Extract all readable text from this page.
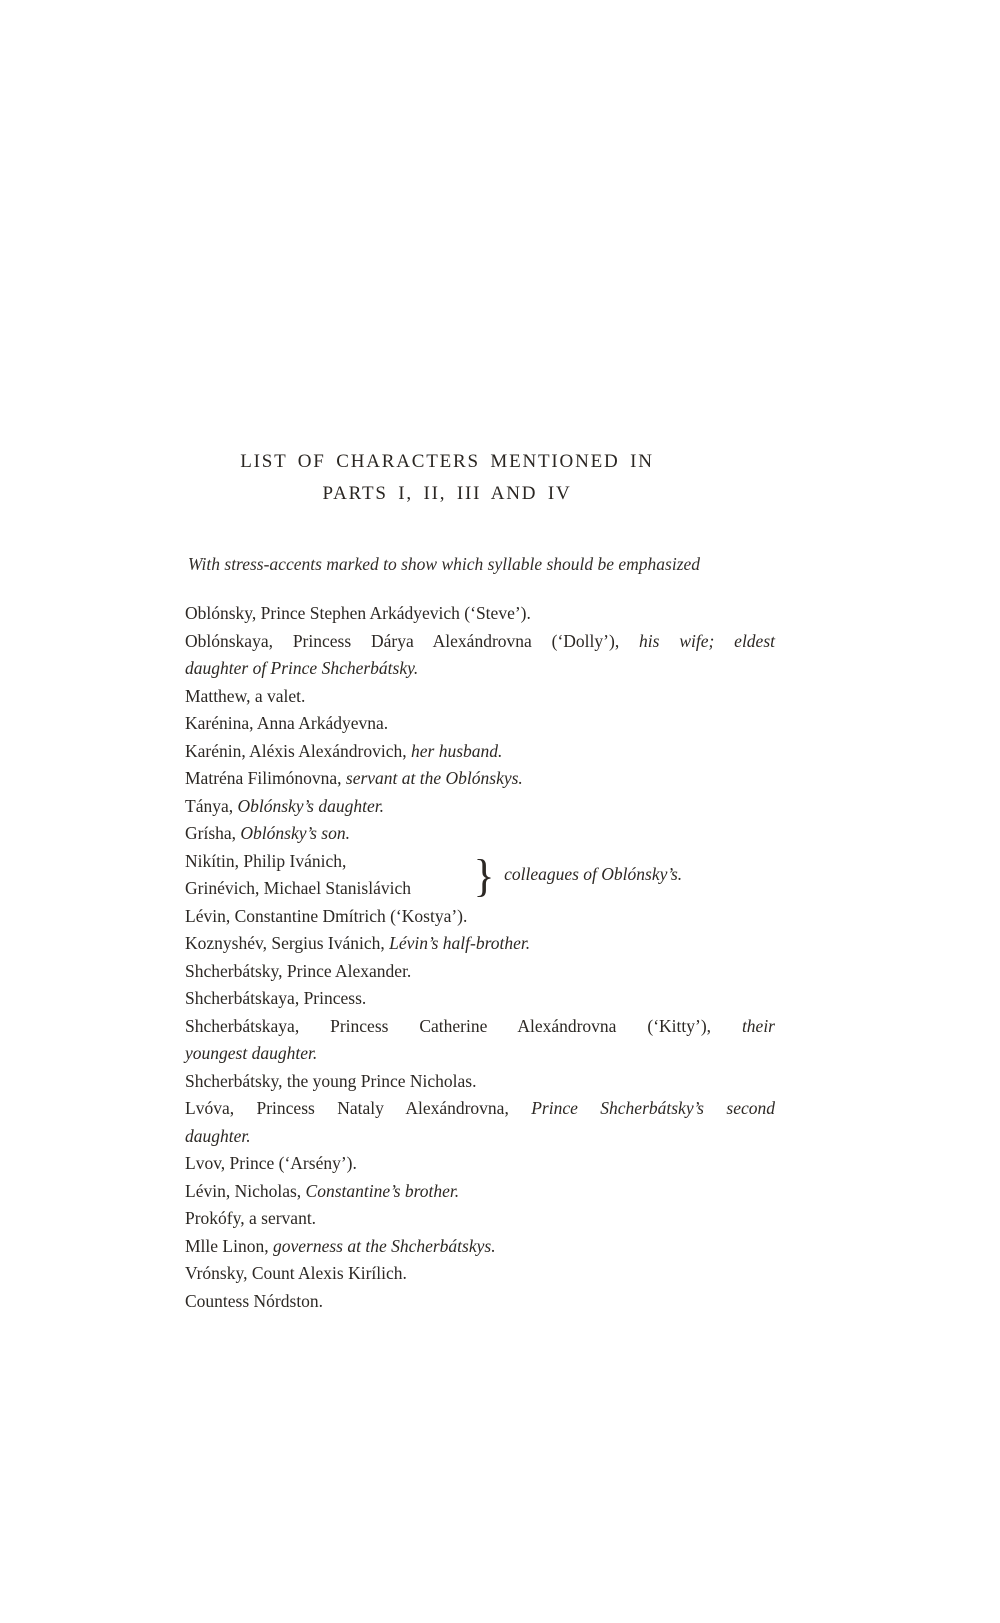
LIST OF CHARACTERS MENTIONED IN
PARTS I, II, III AND IV
With stress-accents marked to show which syllable should be emphasized
Oblónsky, Prince Stephen Arkádyevich (‘Steve’).
Oblónskaya, Princess Dárya Alexándrovna (‘Dolly’), his wife; eldest
daughter of Prince Shcherbátsky.
Matthew, a valet.
Karénina, Anna Arkádyevna.
Karénin, Aléxis Alexándrovich, her husband.
Matréna Filimónovna, servant at the Oblónskys.
Tánya, Oblónsky’s daughter.
Grísha, Oblónsky’s son.
Nikítin, Philip Ivánich,
Grinévich, Michael Stanislávich	} colleagues of Oblónsky’s.
Lévin, Constantine Dmítrich (‘Kostya’).
Koznyshév, Sergius Ivánich, Lévin’s half-brother.
Shcherbátsky, Prince Alexander.
Shcherbátskaya, Princess.
Shcherbátskaya, Princess Catherine Alexándrovna (‘Kitty’), their
youngest daughter.
Shcherbátsky, the young Prince Nicholas.
Lvóva, Princess Nataly Alexándrovna, Prince Shcherbátsky’s second
daughter.
Lvov, Prince (‘Arsény’).
Lévin, Nicholas, Constantine’s brother.
Prokófy, a servant.
Mlle Linon, governess at the Shcherbátskys.
Vrónsky, Count Alexis Kirílich.
Countess Nórdston.
